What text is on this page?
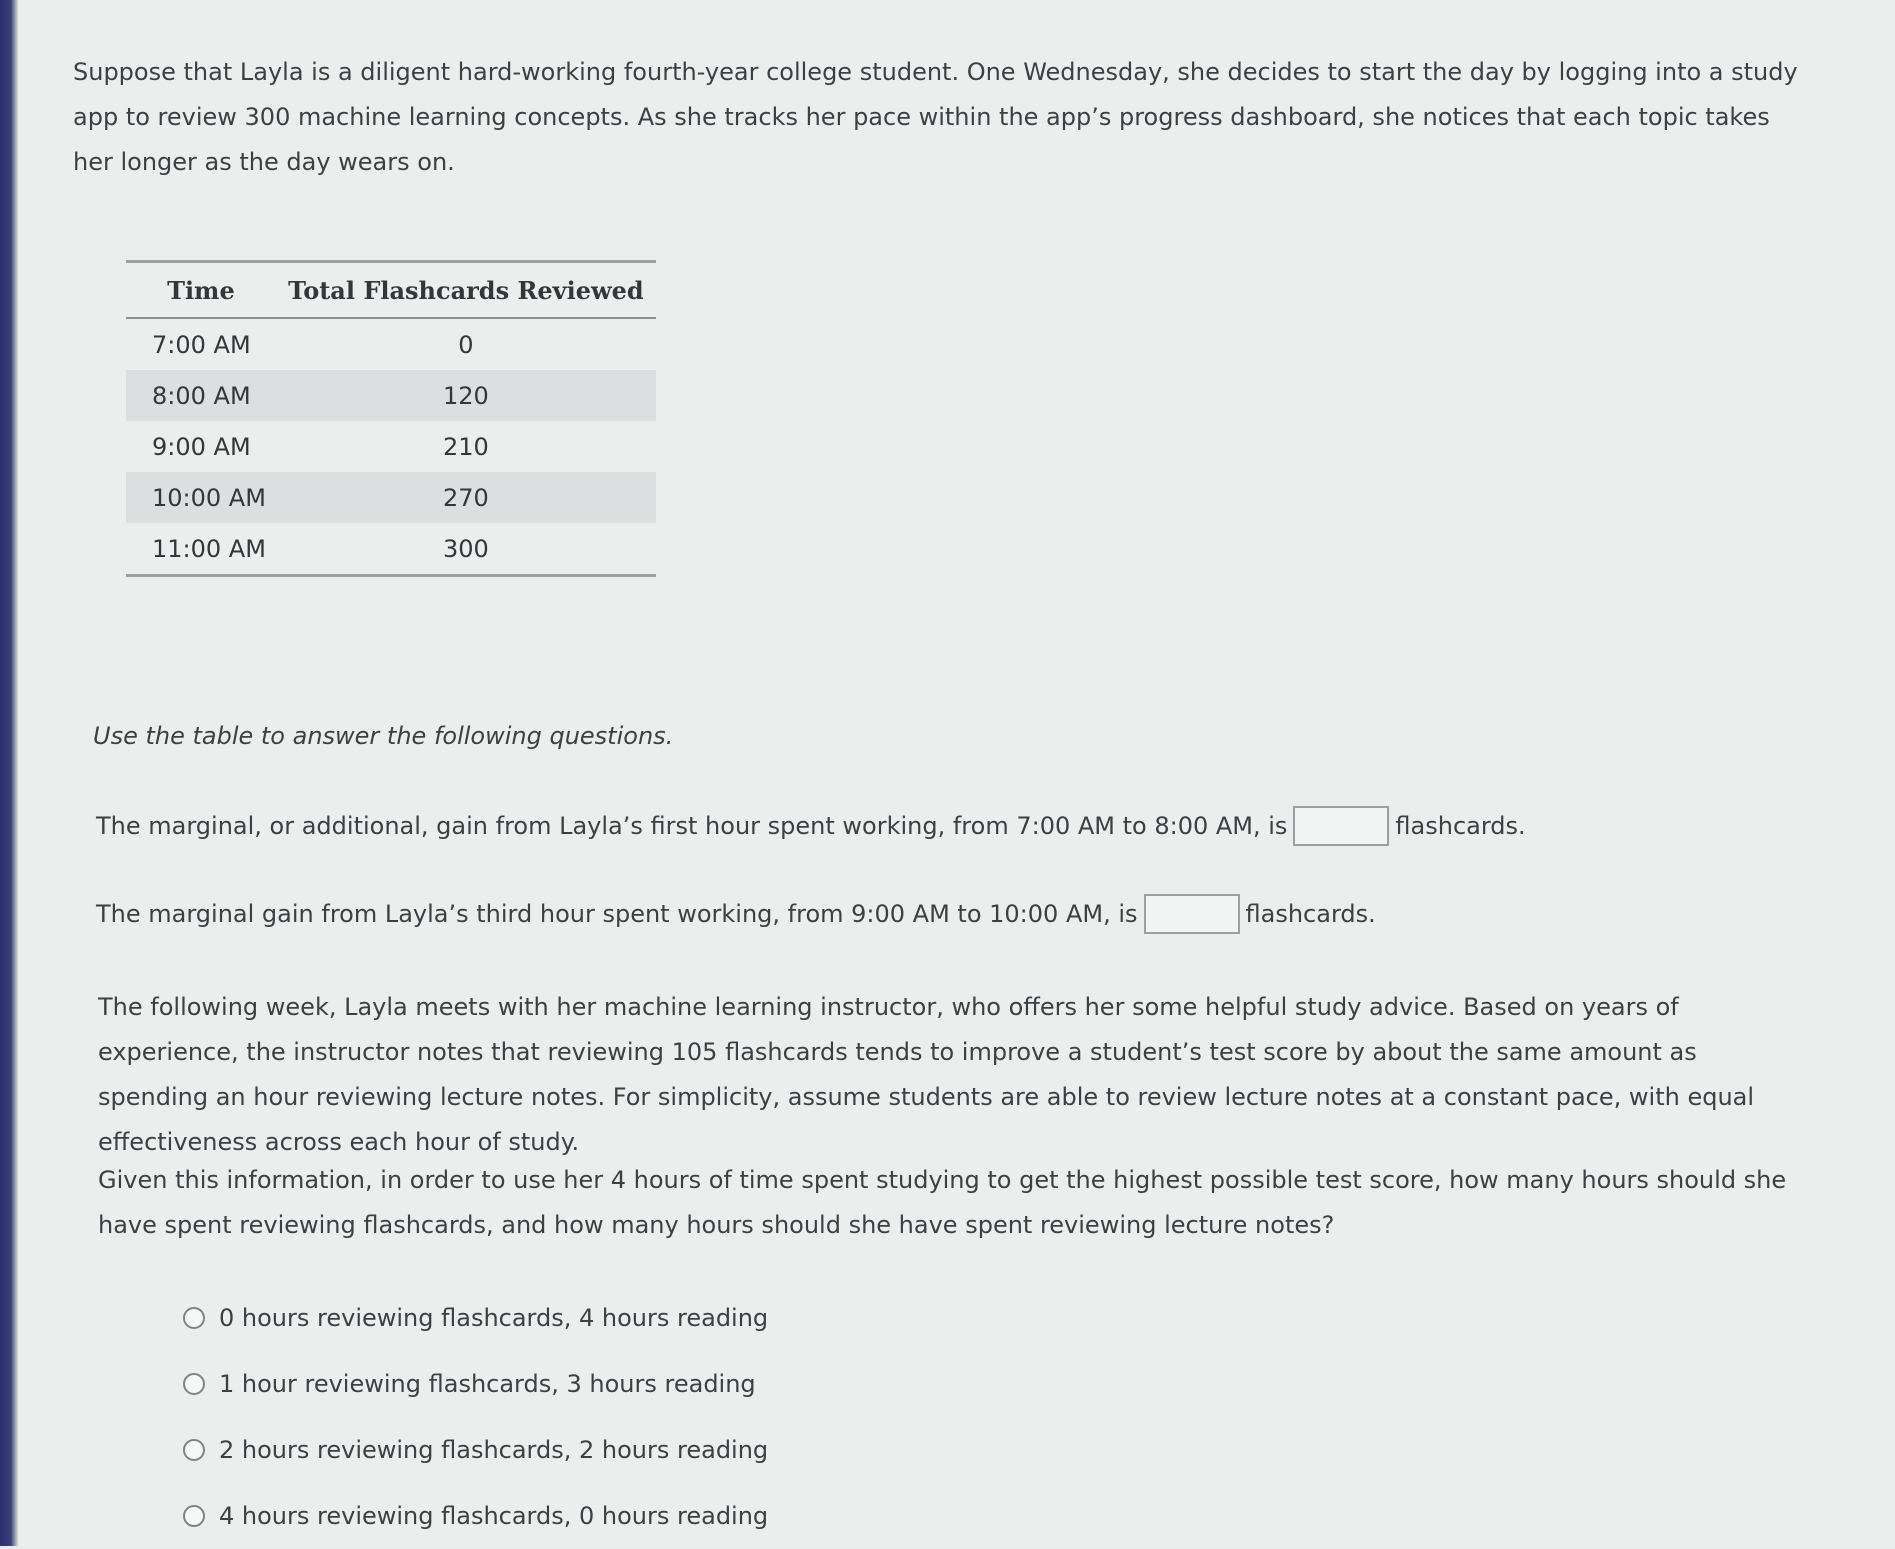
Suppose that Layla is a diligent hard-working fourth-year college student. One Wednesday, she decides to start the day by logging into a study app to review 300 machine learning concepts. As she tracks her pace within the app’s progress dashboard, she notices that each topic takes her longer as the day wears on.
Time	Total Flashcards Reviewed
7:00 AM	0
8:00 AM	120
9:00 AM	210
10:00 AM	270
11:00 AM	300
Use the table to answer the following questions.
The marginal, or additional, gain from Layla’s first hour spent working, from 7:00 AM to 8:00 AM, is	flashcards.
The marginal gain from Layla’s third hour spent working, from 9:00 AM to 10:00 AM, is	flashcards.
The following week, Layla meets with her machine learning instructor, who offers her some helpful study advice. Based on years of experience, the instructor notes that reviewing 105 flashcards tends to improve a student’s test score by about the same amount as spending an hour reviewing lecture notes. For simplicity, assume students are able to review lecture notes at a constant pace, with equal effectiveness across each hour of study.
Given this information, in order to use her 4 hours of time spent studying to get the highest possible test score, how many hours should she have spent reviewing flashcards, and how many hours should she have spent reviewing lecture notes?
0 hours reviewing flashcards, 4 hours reading
1 hour reviewing flashcards, 3 hours reading
2 hours reviewing flashcards, 2 hours reading
4 hours reviewing flashcards, 0 hours reading
